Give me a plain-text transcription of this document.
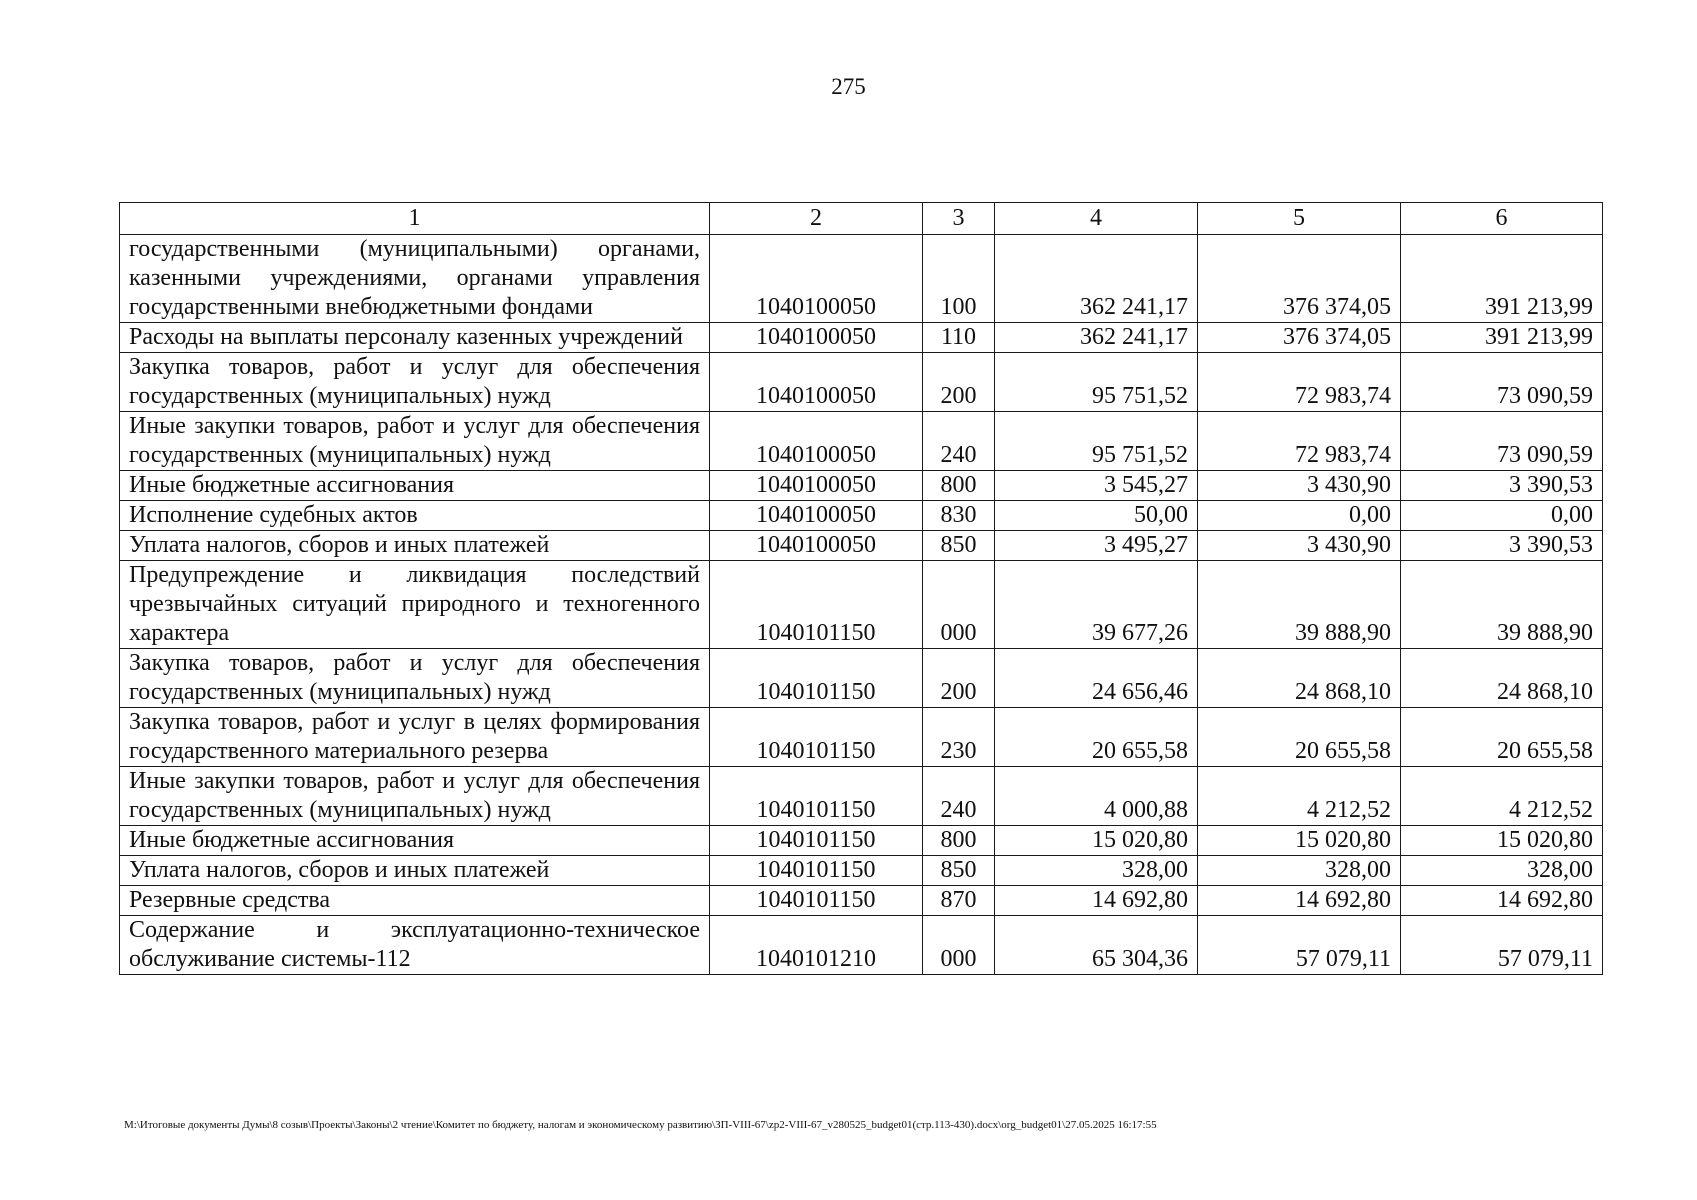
275
1	2	3	4	5	6
государственными (муниципальными) органами, казенными учреждениями, органами управления государственными внебюджетными фондами	1040100050	100	362 241,17	376 374,05	391 213,99
Расходы на выплаты персоналу казенных учреждений	1040100050	110	362 241,17	376 374,05	391 213,99
Закупка товаров, работ и услуг для обеспечения государственных (муниципальных) нужд	1040100050	200	95 751,52	72 983,74	73 090,59
Иные закупки товаров, работ и услуг для обеспечения государственных (муниципальных) нужд	1040100050	240	95 751,52	72 983,74	73 090,59
Иные бюджетные ассигнования	1040100050	800	3 545,27	3 430,90	3 390,53
Исполнение судебных актов	1040100050	830	50,00	0,00	0,00
Уплата налогов, сборов и иных платежей	1040100050	850	3 495,27	3 430,90	3 390,53
Предупреждение и ликвидация последствий чрезвычайных ситуаций природного и техногенного характера	1040101150	000	39 677,26	39 888,90	39 888,90
Закупка товаров, работ и услуг для обеспечения государственных (муниципальных) нужд	1040101150	200	24 656,46	24 868,10	24 868,10
Закупка товаров, работ и услуг в целях формирования государственного материального резерва	1040101150	230	20 655,58	20 655,58	20 655,58
Иные закупки товаров, работ и услуг для обеспечения государственных (муниципальных) нужд	1040101150	240	4 000,88	4 212,52	4 212,52
Иные бюджетные ассигнования	1040101150	800	15 020,80	15 020,80	15 020,80
Уплата налогов, сборов и иных платежей	1040101150	850	328,00	328,00	328,00
Резервные средства	1040101150	870	14 692,80	14 692,80	14 692,80
Содержание и эксплуатационно-техническое обслуживание системы-112	1040101210	000	65 304,36	57 079,11	57 079,11
M:\Итоговые документы Думы\8 созыв\Проекты\Законы\2 чтение\Комитет по бюджету, налогам и экономическому развитию\ЗП-VIII-67\zp2-VIII-67_v280525_budget01(стр.113-430).docx\org_budget01\27.05.2025 16:17:55
